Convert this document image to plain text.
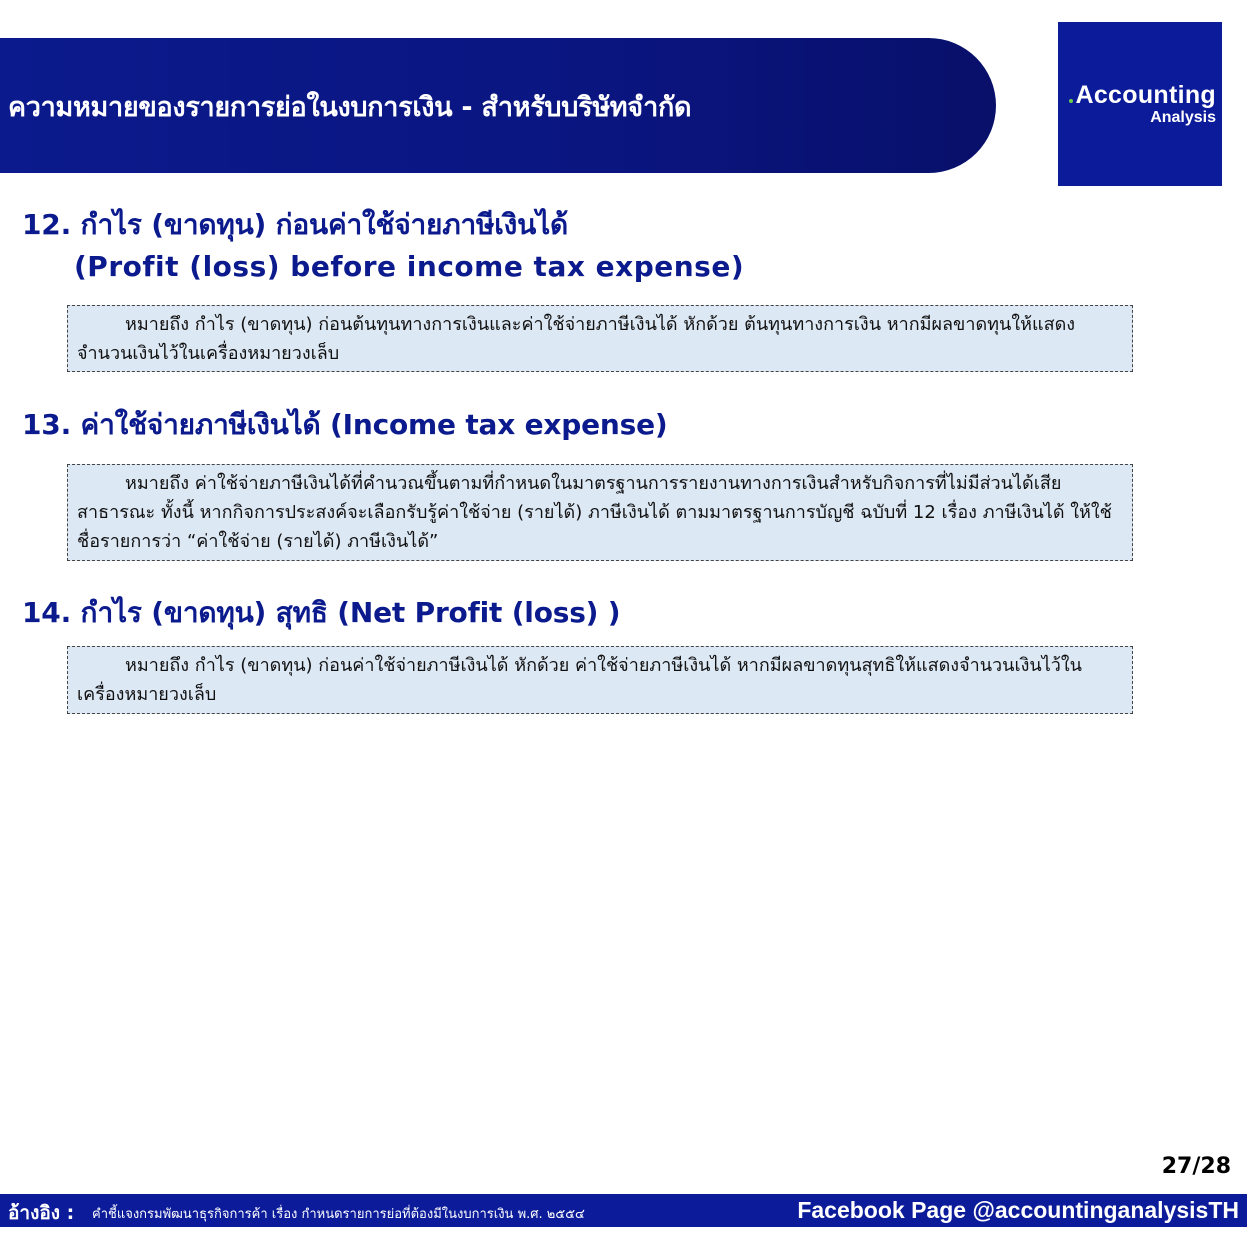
ความหมายของรายการย่อในงบการเงิน - สำหรับบริษัทจำกัด	Accounting
Analysis
12. กำไร (ขาดทุน) ก่อนค่าใช้จ่ายภาษีเงินได้
(Profit (loss) before income tax expense)

หมายถึง กำไร (ขาดทุน) ก่อนต้นทุนทางการเงินและค่าใช้จ่ายภาษีเงินได้ หักด้วย ต้นทุนทางการเงิน หากมีผลขาดทุนให้แสดงจำนวนเงินไว้ในเครื่องหมายวงเล็บ

13. ค่าใช้จ่ายภาษีเงินได้ (Income tax expense)

หมายถึง ค่าใช้จ่ายภาษีเงินได้ที่คำนวณขึ้นตามที่กำหนดในมาตรฐานการรายงานทางการเงินสำหรับกิจการที่ไม่มีส่วนได้เสียสาธารณะ ทั้งนี้ หากกิจการประสงค์จะเลือกรับรู้ค่าใช้จ่าย (รายได้) ภาษีเงินได้ ตามมาตรฐานการบัญชี ฉบับที่ 12 เรื่อง ภาษีเงินได้ ให้ใช้ชื่อรายการว่า “ค่าใช้จ่าย (รายได้) ภาษีเงินได้”

14. กำไร (ขาดทุน) สุทธิ (Net Profit (loss) )

หมายถึง กำไร (ขาดทุน) ก่อนค่าใช้จ่ายภาษีเงินได้ หักด้วย ค่าใช้จ่ายภาษีเงินได้ หากมีผลขาดทุนสุทธิให้แสดงจำนวนเงินไว้ในเครื่องหมายวงเล็บ

27/28
อ้างอิง : คำชี้แจงกรมพัฒนาธุรกิจการค้า เรื่อง กำหนดรายการย่อที่ต้องมีในงบการเงิน พ.ศ. ๒๕๕๔	Facebook Page @accountinganalysisTH
